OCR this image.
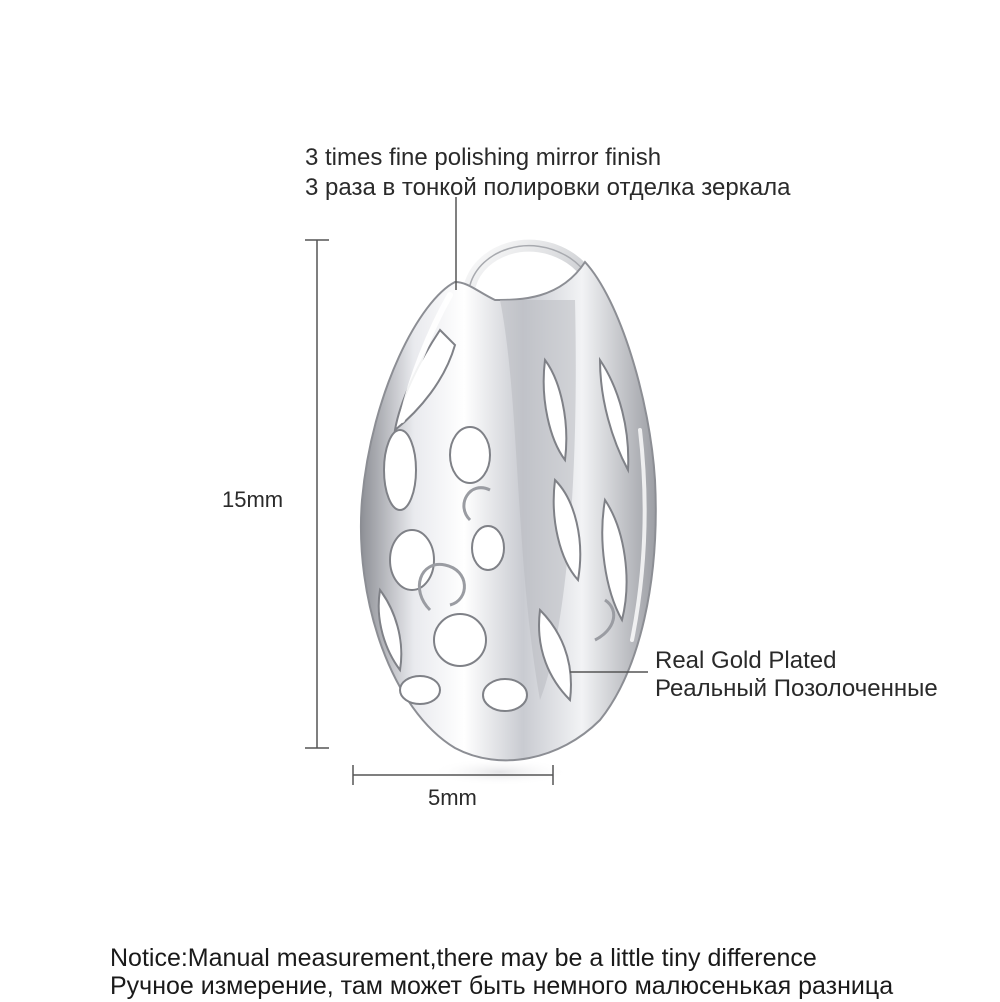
3 times fine polishing mirror finish
3 раза в тонкой полировки отделка зеркала
Real Gold Plated
Реальный Позолоченные
15mm
5mm
Notice:Manual measurement,there may be a little tiny difference
Ручное измерение, там может быть немного малюсенькая разница
